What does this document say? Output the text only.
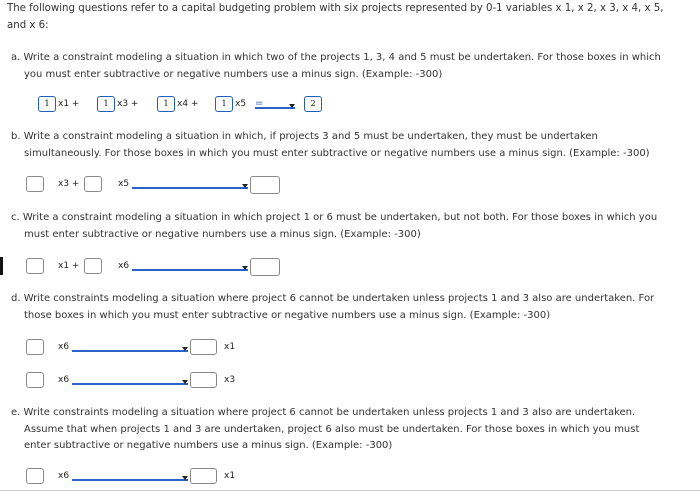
The following questions refer to a capital budgeting problem with six projects represented by 0-1 variables x 1, x 2, x 3, x 4, x 5,
and x 6:
a. Write a constraint modeling a situation in which two of the projects 1, 3, 4 and 5 must be undertaken. For those boxes in which
you must enter subtractive or negative numbers use a minus sign. (Example: -300)
1 x1 +	1 x3 +	1 x4 +	1 x5 =	2
b. Write a constraint modeling a situation in which, if projects 3 and 5 must be undertaken, they must be undertaken
simultaneously. For those boxes in which you must enter subtractive or negative numbers use a minus sign. (Example: -300)
x3 +	x5
c. Write a constraint modeling a situation in which project 1 or 6 must be undertaken, but not both. For those boxes in which you
must enter subtractive or negative numbers use a minus sign. (Example: -300)
x1 +	x6
d. Write constraints modeling a situation where project 6 cannot be undertaken unless projects 1 and 3 also are undertaken. For
those boxes in which you must enter subtractive or negative numbers use a minus sign. (Example: -300)
x6	x1
x6	x3
e. Write constraints modeling a situation where project 6 cannot be undertaken unless projects 1 and 3 also are undertaken.
Assume that when projects 1 and 3 are undertaken, project 6 also must be undertaken. For those boxes in which you must
enter subtractive or negative numbers use a minus sign. (Example: -300)
x6	x1
